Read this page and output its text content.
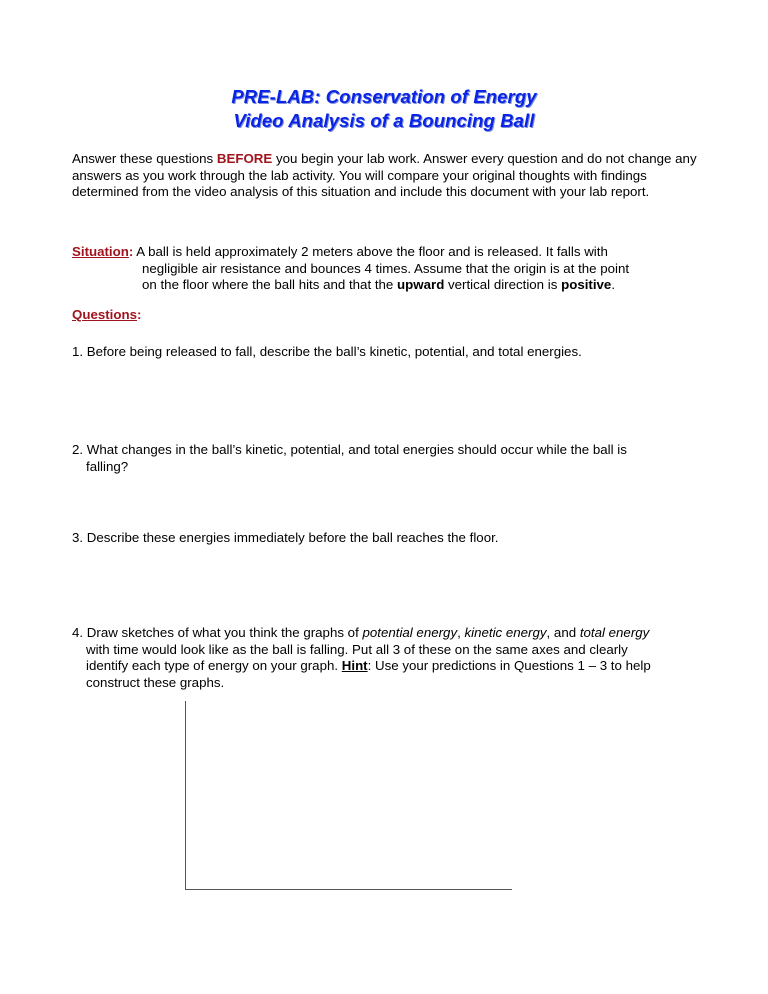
PRE-LAB: Conservation of Energy
Video Analysis of a Bouncing Ball
Answer these questions BEFORE you begin your lab work. Answer every question and do not change any answers as you work through the lab activity. You will compare your original thoughts with findings determined from the video analysis of this situation and include this document with your lab report.
Situation: A ball is held approximately 2 meters above the floor and is released. It falls with
negligible air resistance and bounces 4 times. Assume that the origin is at the point
on the floor where the ball hits and that the upward vertical direction is positive.
Questions:
1. Before being released to fall, describe the ball’s kinetic, potential, and total energies.
2. What changes in the ball’s kinetic, potential, and total energies should occur while the ball is
falling?
3. Describe these energies immediately before the ball reaches the floor.
4. Draw sketches of what you think the graphs of potential energy, kinetic energy, and total energy
with time would look like as the ball is falling. Put all 3 of these on the same axes and clearly
identify each type of energy on your graph. Hint: Use your predictions in Questions 1 – 3 to help
construct these graphs.
